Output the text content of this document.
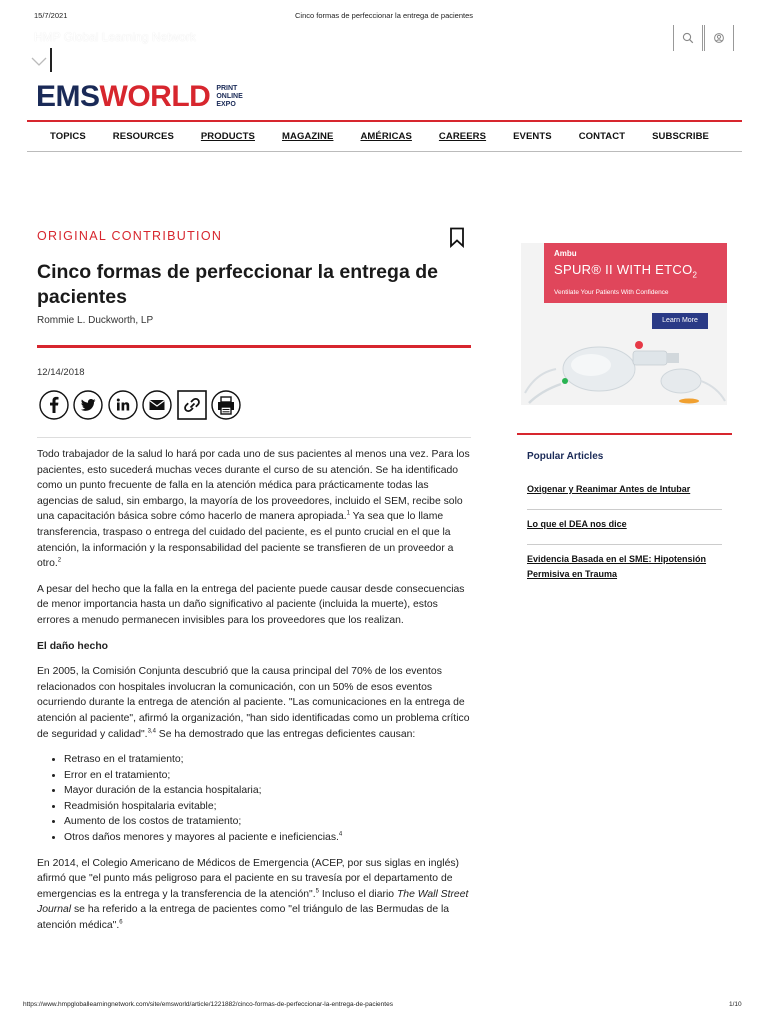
15/7/2021	Cinco formas de perfeccionar la entrega de pacientes
HMP Global Learning Network
EMS WORLD PRINT
ONLINE
EXPO
TOPICS	RESOURCES	PRODUCTS	MAGAZINE	AMÉRICAS	CAREERS	EVENTS	CONTACT	SUBSCRIBE
ORIGINAL CONTRIBUTION
Cinco formas de perfeccionar la entrega de pacientes
Rommie L. Duckworth, LP
12/14/2018

Todo trabajador de la salud lo hará por cada uno de sus pacientes al menos una vez. Para los pacientes, esto sucederá muchas veces durante el curso de su atención. Se ha identificado como un punto frecuente de falla en la atención médica para prácticamente todas las agencias de salud, sin embargo, la mayoría de los proveedores, incluido el SEM, recibe solo una capacitación básica sobre cómo hacerlo de manera apropiada.$^1$ Ya sea que lo llame transferencia, traspaso o entrega del cuidado del paciente, es el punto crucial en el que la atención, la información y la responsabilidad del paciente se transfieren de un proveedor a otro.$^2$

A pesar del hecho que la falla en la entrega del paciente puede causar desde consecuencias de menor importancia hasta un daño significativo al paciente (incluida la muerte), estos errores a menudo permanecen invisibles para los proveedores que los realizan.

El daño hecho

En 2005, la Comisión Conjunta descubrió que la causa principal del 70% de los eventos relacionados con hospitales involucran la comunicación, con un 50% de esos eventos ocurriendo durante la entrega de atención al paciente. "Las comunicaciones en la entrega de atención al paciente", afirmó la organización, "han sido identificadas como un problema crítico de seguridad y calidad".$^{3,4}$ Se ha demostrado que las entregas deficientes causan:

• Retraso en el tratamiento;
• Error en el tratamiento;
• Mayor duración de la estancia hospitalaria;
• Readmisión hospitalaria evitable;
• Aumento de los costos de tratamiento;
• Otros daños menores y mayores al paciente e ineficiencias.$^4$

En 2014, el Colegio Americano de Médicos de Emergencia (ACEP, por sus siglas en inglés) afirmó que "el punto más peligroso para el paciente en su travesía por el departamento de emergencias es la entrega y la transferencia de la atención".$^5$ Incluso el diario The Wall Street Journal se ha referido a la entrega de pacientes como "el triángulo de las Bermudas de la atención médica".$^6$

Ambu
SPUR® II WITH $ETCO_2$
Ventilate Your Patients With Confidence
Learn More
Popular Articles
Oxigenar y Reanimar Antes de Intubar
Lo que el DEA nos dice
Evidencia Basada en el SME: Hipotensión Permisiva en Trauma
https://www.hmpgloballearningnetwork.com/site/emsworld/article/1221882/cinco-formas-de-perfeccionar-la-entrega-de-pacientes	1/10
